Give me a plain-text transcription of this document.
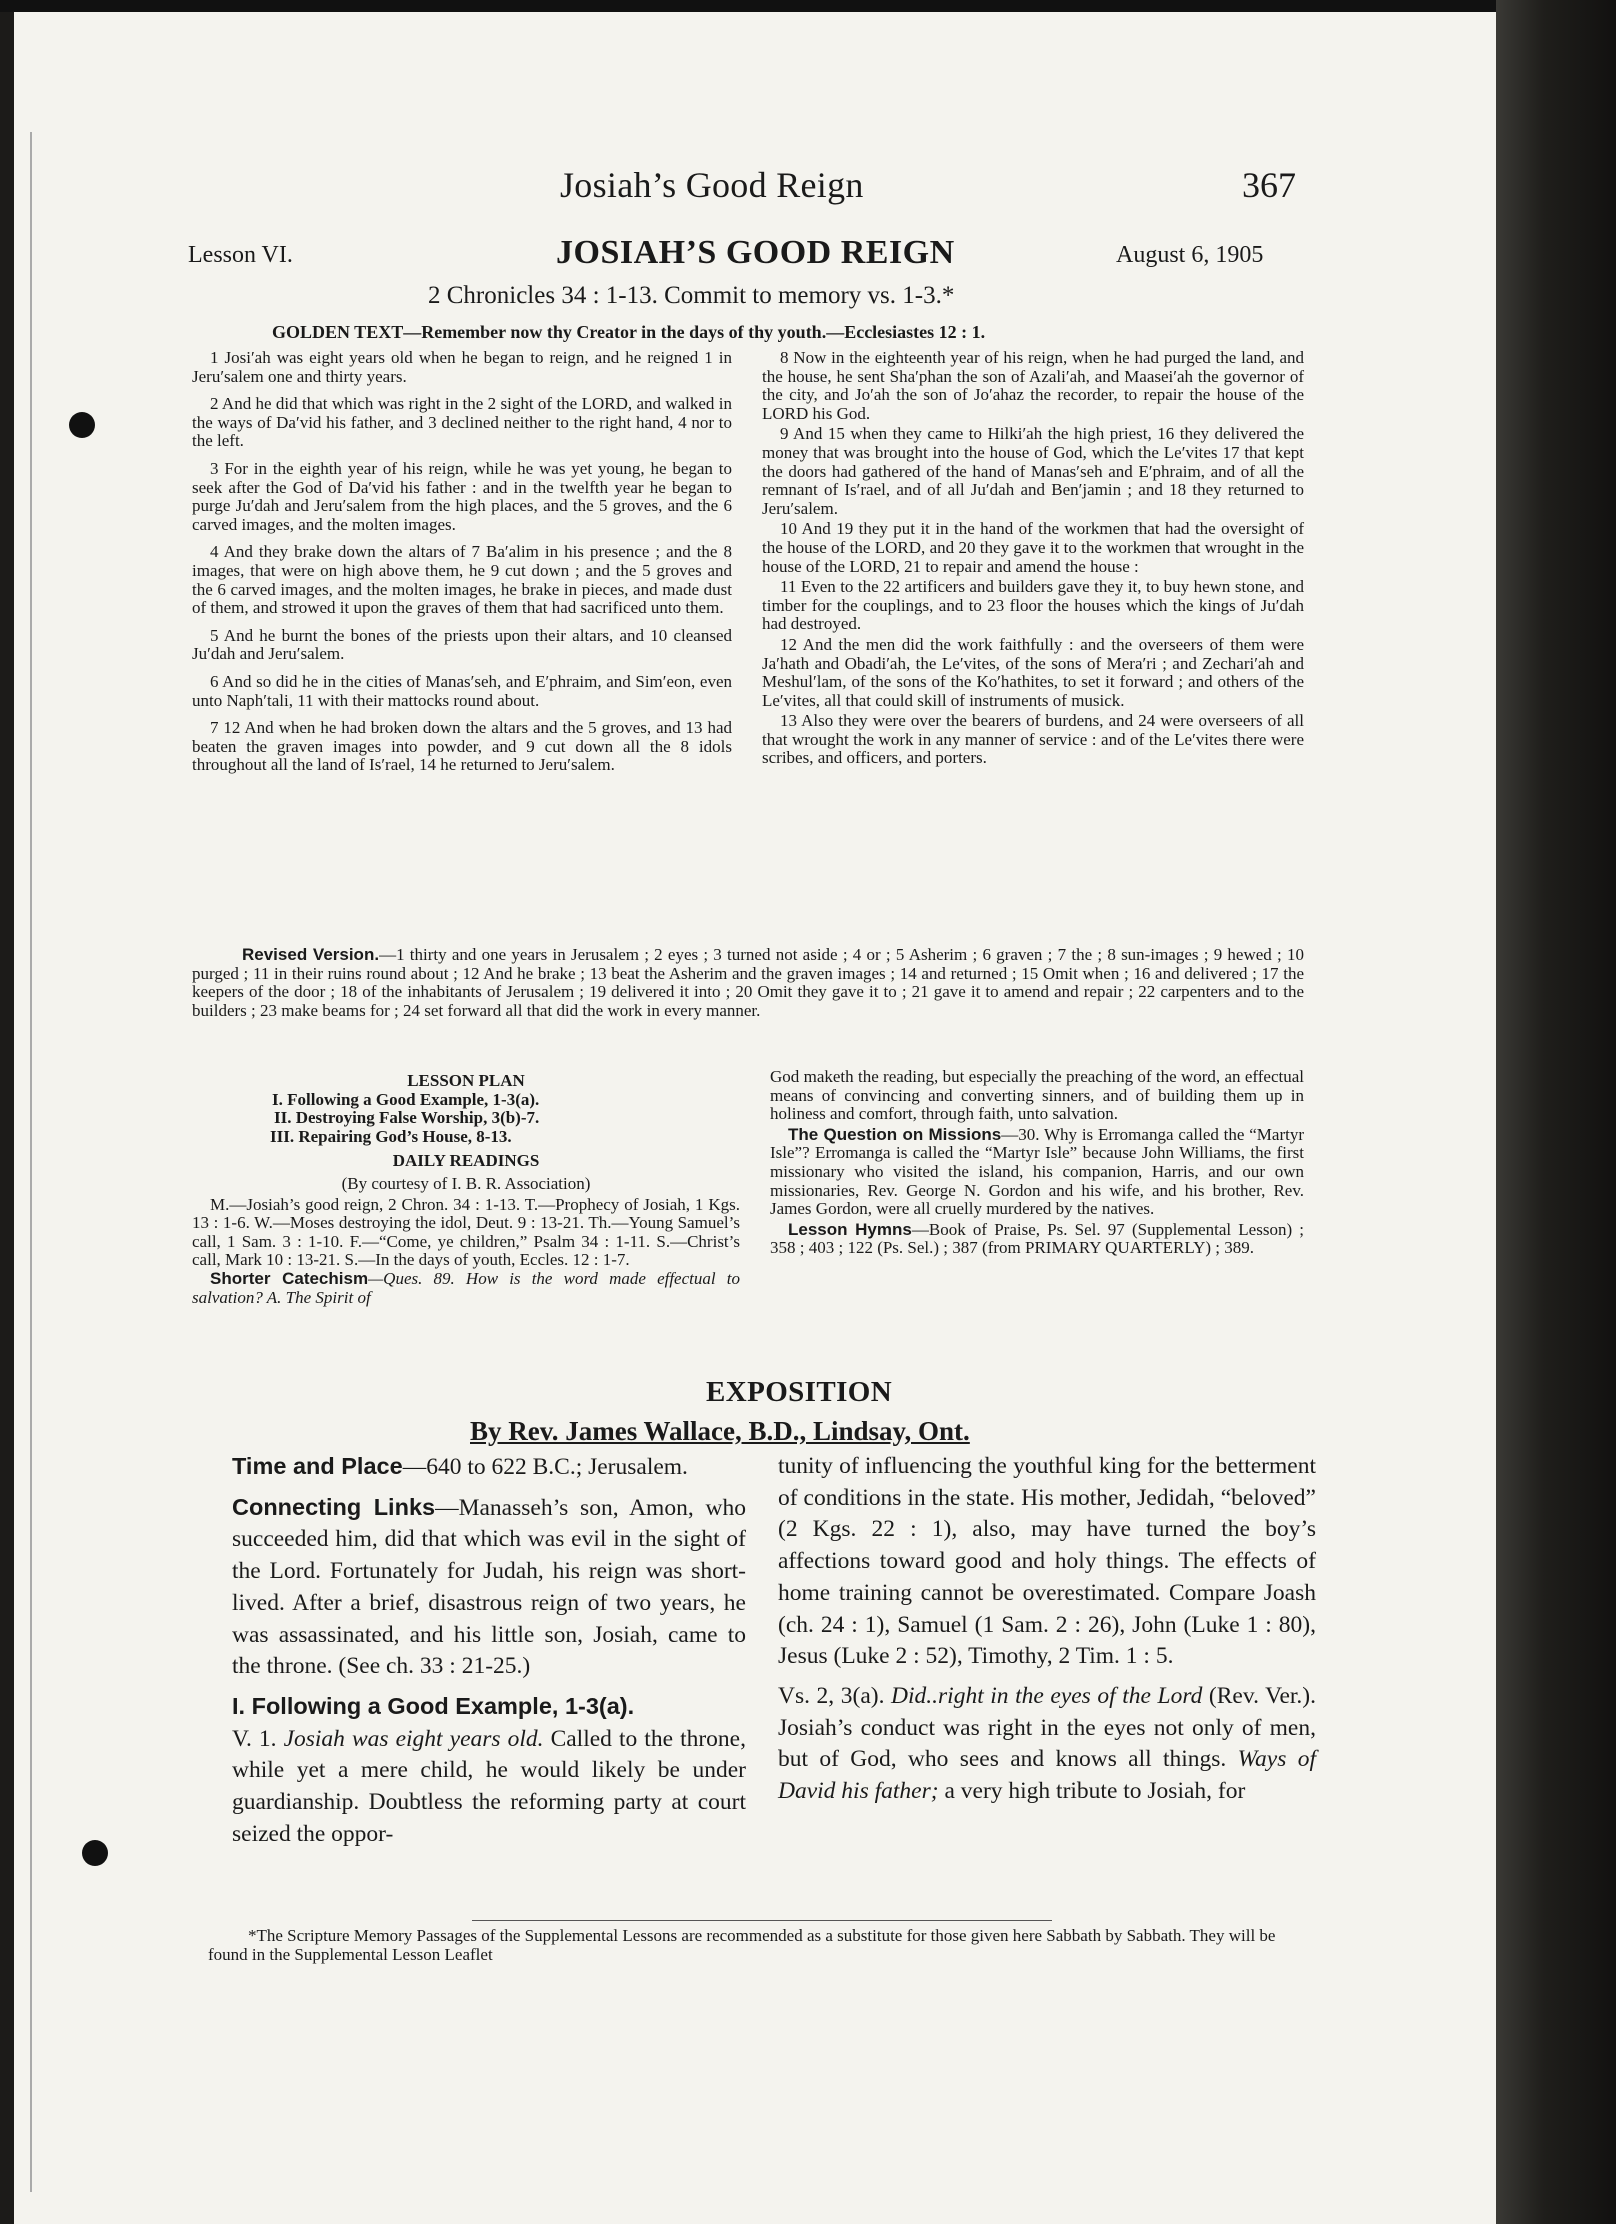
Josiah’s Good Reign	367
Lesson VI.	JOSIAH’S GOOD REIGN	August 6, 1905
2 Chronicles 34 : 1-13. Commit to memory vs. 1-3.*
GOLDEN TEXT—Remember now thy Creator in the days of thy youth.—Ecclesiastes 12 : 1.

1 Josi′ah was eight years old when he began to reign, and he reigned 1 in Jeru′salem one and thirty years.

2 And he did that which was right in the 2 sight of the LORD, and walked in the ways of Da′vid his father, and 3 declined neither to the right hand, 4 nor to the left.

3 For in the eighth year of his reign, while he was yet young, he began to seek after the God of Da′vid his father : and in the twelfth year he began to purge Ju′dah and Jeru′salem from the high places, and the 5 groves, and the 6 carved images, and the molten images.

4 And they brake down the altars of 7 Ba′alim in his presence ; and the 8 images, that were on high above them, he 9 cut down ; and the 5 groves and the 6 carved images, and the molten images, he brake in pieces, and made dust of them, and strowed it upon the graves of them that had sacrificed unto them.

5 And he burnt the bones of the priests upon their altars, and 10 cleansed Ju′dah and Jeru′salem.

6 And so did he in the cities of Manas′seh, and E′phraim, and Sim′eon, even unto Naph′tali, 11 with their mattocks round about.

7 12 And when he had broken down the altars and the 5 groves, and 13 had beaten the graven images into powder, and 9 cut down all the 8 idols throughout all the land of Is′rael, 14 he returned to Jeru′salem.

8 Now in the eighteenth year of his reign, when he had purged the land, and the house, he sent Sha′phan the son of Azali′ah, and Maasei′ah the governor of the city, and Jo′ah the son of Jo′ahaz the recorder, to repair the house of the LORD his God.

9 And 15 when they came to Hilki′ah the high priest, 16 they delivered the money that was brought into the house of God, which the Le′vites 17 that kept the doors had gathered of the hand of Manas′seh and E′phraim, and of all the remnant of Is′rael, and of all Ju′dah and Ben′jamin ; and 18 they returned to Jeru′salem.

10 And 19 they put it in the hand of the workmen that had the oversight of the house of the LORD, and 20 they gave it to the workmen that wrought in the house of the LORD, 21 to repair and amend the house :

11 Even to the 22 artificers and builders gave they it, to buy hewn stone, and timber for the couplings, and to 23 floor the houses which the kings of Ju′dah had destroyed.

12 And the men did the work faithfully : and the overseers of them were Ja′hath and Obadi′ah, the Le′vites, of the sons of Mera′ri ; and Zechari′ah and Meshul′lam, of the sons of the Ko′hathites, to set it forward ; and others of the Le′vites, all that could skill of instruments of musick.

13 Also they were over the bearers of burdens, and 24 were overseers of all that wrought the work in any manner of service : and of the Le′vites there were scribes, and officers, and porters.

Revised Version.—1 thirty and one years in Jerusalem ; 2 eyes ; 3 turned not aside ; 4 or ; 5 Asherim ; 6 graven ; 7 the ; 8 sun-images ; 9 hewed ; 10 purged ; 11 in their ruins round about ; 12 And he brake ; 13 beat the Asherim and the graven images ; 14 and returned ; 15 Omit when ; 16 and delivered ; 17 the keepers of the door ; 18 of the inhabitants of Jerusalem ; 19 delivered it into ; 20 Omit they gave it to ; 21 gave it to amend and repair ; 22 carpenters and to the builders ; 23 make beams for ; 24 set forward all that did the work in every manner.
LESSON PLAN
I. Following a Good Example, 1-3(a).
II. Destroying False Worship, 3(b)-7.
III. Repairing God’s House, 8-13.
DAILY READINGS
(By courtesy of I. B. R. Association)

M.—Josiah’s good reign, 2 Chron. 34 : 1-13. T.—Prophecy of Josiah, 1 Kgs. 13 : 1-6. W.—Moses destroying the idol, Deut. 9 : 13-21. Th.—Young Samuel’s call, 1 Sam. 3 : 1-10. F.—“Come, ye children,” Psalm 34 : 1-11. S.—Christ’s call, Mark 10 : 13-21. S.—In the days of youth, Eccles. 12 : 1-7.

Shorter Catechism—Ques. 89. How is the word made effectual to salvation? A. The Spirit of

God maketh the reading, but especially the preaching of the word, an effectual means of convincing and converting sinners, and of building them up in holiness and comfort, through faith, unto salvation.

The Question on Missions—30. Why is Erromanga called the “Martyr Isle”? Erromanga is called the “Martyr Isle” because John Williams, the first missionary who visited the island, his companion, Harris, and our own missionaries, Rev. George N. Gordon and his wife, and his brother, Rev. James Gordon, were all cruelly murdered by the natives.

Lesson Hymns—Book of Praise, Ps. Sel. 97 (Supplemental Lesson) ; 358 ; 403 ; 122 (Ps. Sel.) ; 387 (from PRIMARY QUARTERLY) ; 389.

EXPOSITION
By Rev. James Wallace, B.D., Lindsay, Ont.

Time and Place—640 to 622 B.C.; Jerusalem.

Connecting Links—Manasseh’s son, Amon, who succeeded him, did that which was evil in the sight of the Lord. Fortunately for Judah, his reign was short-lived. After a brief, disastrous reign of two years, he was assassinated, and his little son, Josiah, came to the throne. (See ch. 33 : 21-25.)

I. Following a Good Example, 1-3(a).

V. 1. Josiah was eight years old. Called to the throne, while yet a mere child, he would likely be under guardianship. Doubtless the reforming party at court seized the oppor-

tunity of influencing the youthful king for the betterment of conditions in the state. His mother, Jedidah, “beloved” (2 Kgs. 22 : 1), also, may have turned the boy’s affections toward good and holy things. The effects of home training cannot be overestimated. Compare Joash (ch. 24 : 1), Samuel (1 Sam. 2 : 26), John (Luke 1 : 80), Jesus (Luke 2 : 52), Timothy, 2 Tim. 1 : 5.

Vs. 2, 3(a). Did..right in the eyes of the Lord (Rev. Ver.). Josiah’s conduct was right in the eyes not only of men, but of God, who sees and knows all things. Ways of David his father; a very high tribute to Josiah, for

*The Scripture Memory Passages of the Supplemental Lessons are recommended as a substitute for those given here Sabbath by Sabbath. They will be found in the Supplemental Lesson Leaflet
